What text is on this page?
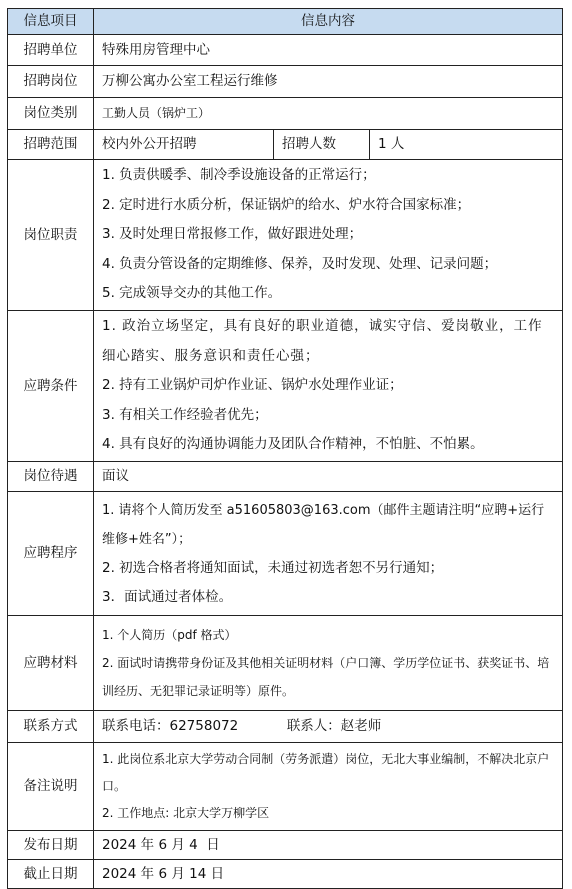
信息项目	信息内容		
招聘单位	特殊用房管理中心		
招聘岗位	万柳公寓办公室工程运行维修		
岗位类别	工勤人员（锅炉工）		
招聘范围	校内外公开招聘	招聘人数	1 人
岗位职责	1. 负责供暖季、制冷季设施设备的正常运行；
2. 定时进行水质分析，保证锅炉的给水、炉水符合国家标准；
3. 及时处理日常报修工作，做好跟进处理；
4. 负责分管设备的定期维修、保养，及时发现、处理、记录问题；
5. 完成领导交办的其他工作。		

应聘条件	1. 政治立场坚定，具有良好的职业道德，诚实守信、爱岗敬业，工作细心踏实、服务意识和责任心强；
2. 持有工业锅炉司炉作业证、锅炉水处理作业证；
3. 有相关工作经验者优先；
4. 具有良好的沟通协调能力及团队合作精神，不怕脏、不怕累。		

岗位待遇	面议		
应聘程序	1. 请将个人简历发至 a51605803@163.com（邮件主题请注明“应聘+运行维修+姓名”）；
2. 初选合格者将通知面试，未通过初选者恕不另行通知；
3．面试通过者体检。		

应聘材料	1. 个人简历（pdf 格式）
2. 面试时请携带身份证及其他相关证明材料（户口簿、学历学位证书、获奖证书、培训经历、无犯罪记录证明等）原件。		

联系方式	联系电话：62758072 联系人：赵老师		
备注说明	1. 此岗位系北京大学劳动合同制（劳务派遣）岗位，无北大事业编制，不解决北京户口。
2. 工作地点: 北京大学万柳学区		

发布日期	2024 年 6 月 4  日		
截止日期	2024 年 6 月 14 日		
